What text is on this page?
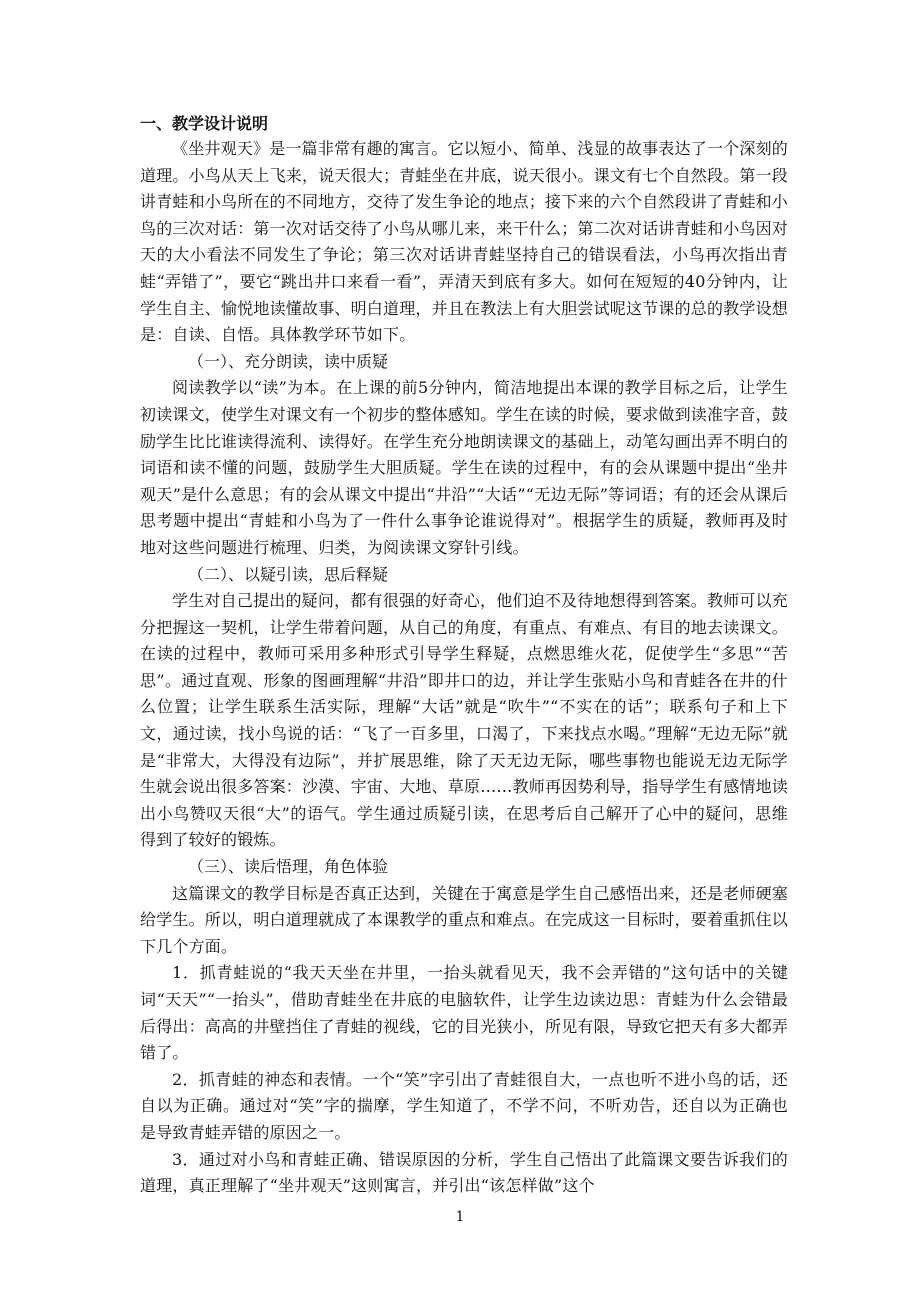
一、教学设计说明

《坐井观天》是一篇非常有趣的寓言。它以短小、简单、浅显的故事表达了一个深刻的道理。小鸟从天上飞来，说天很大；青蛙坐在井底，说天很小。课文有七个自然段。第一段讲青蛙和小鸟所在的不同地方，交待了发生争论的地点；接下来的六个自然段讲了青蛙和小鸟的三次对话：第一次对话交待了小鸟从哪儿来，来干什么；第二次对话讲青蛙和小鸟因对天的大小看法不同发生了争论；第三次对话讲青蛙坚持自己的错误看法，小鸟再次指出青蛙“弄错了”，要它“跳出井口来看一看”，弄清天到底有多大。如何在短短的40分钟内，让学生自主、愉悦地读懂故事、明白道理，并且在教法上有大胆尝试呢这节课的总的教学设想是：自读、自悟。具体教学环节如下。

（一）、充分朗读，读中质疑

阅读教学以“读”为本。在上课的前5分钟内，简洁地提出本课的教学目标之后，让学生初读课文，使学生对课文有一个初步的整体感知。学生在读的时候，要求做到读准字音，鼓励学生比比谁读得流利、读得好。在学生充分地朗读课文的基础上，动笔勾画出弄不明白的词语和读不懂的问题，鼓励学生大胆质疑。学生在读的过程中，有的会从课题中提出“坐井观天”是什么意思；有的会从课文中提出“井沿”“大话”“无边无际”等词语；有的还会从课后思考题中提出“青蛙和小鸟为了一件什么事争论谁说得对”。根据学生的质疑，教师再及时地对这些问题进行梳理、归类，为阅读课文穿针引线。

（二）、以疑引读，思后释疑

学生对自己提出的疑问，都有很强的好奇心，他们迫不及待地想得到答案。教师可以充分把握这一契机，让学生带着问题，从自己的角度，有重点、有难点、有目的地去读课文。在读的过程中，教师可采用多种形式引导学生释疑，点燃思维火花，促使学生“多思”“苦思”。通过直观、形象的图画理解“井沿”即井口的边，并让学生张贴小鸟和青蛙各在井的什么位置；让学生联系生活实际，理解“大话”就是“吹牛”“不实在的话”；联系句子和上下文，通过读，找小鸟说的话：“飞了一百多里，口渴了，下来找点水喝。”理解“无边无际”就是“非常大，大得没有边际”，并扩展思维，除了天无边无际，哪些事物也能说无边无际学生就会说出很多答案：沙漠、宇宙、大地、草原……教师再因势利导，指导学生有感情地读出小鸟赞叹天很“大”的语气。学生通过质疑引读，在思考后自己解开了心中的疑问，思维得到了较好的锻炼。

（三）、读后悟理，角色体验

这篇课文的教学目标是否真正达到，关键在于寓意是学生自己感悟出来，还是老师硬塞给学生。所以，明白道理就成了本课教学的重点和难点。在完成这一目标时，要着重抓住以下几个方面。

1．抓青蛙说的“我天天坐在井里，一抬头就看见天，我不会弄错的”这句话中的关键词“天天”“一抬头”，借助青蛙坐在井底的电脑软件，让学生边读边思：青蛙为什么会错最后得出：高高的井壁挡住了青蛙的视线，它的目光狭小，所见有限，导致它把天有多大都弄错了。

2．抓青蛙的神态和表情。一个“笑”字引出了青蛙很自大，一点也听不进小鸟的话，还自以为正确。通过对“笑”字的揣摩，学生知道了，不学不问，不听劝告，还自以为正确也是导致青蛙弄错的原因之一。

3．通过对小鸟和青蛙正确、错误原因的分析，学生自己悟出了此篇课文要告诉我们的道理，真正理解了“坐井观天”这则寓言，并引出“该怎样做”这个

1
